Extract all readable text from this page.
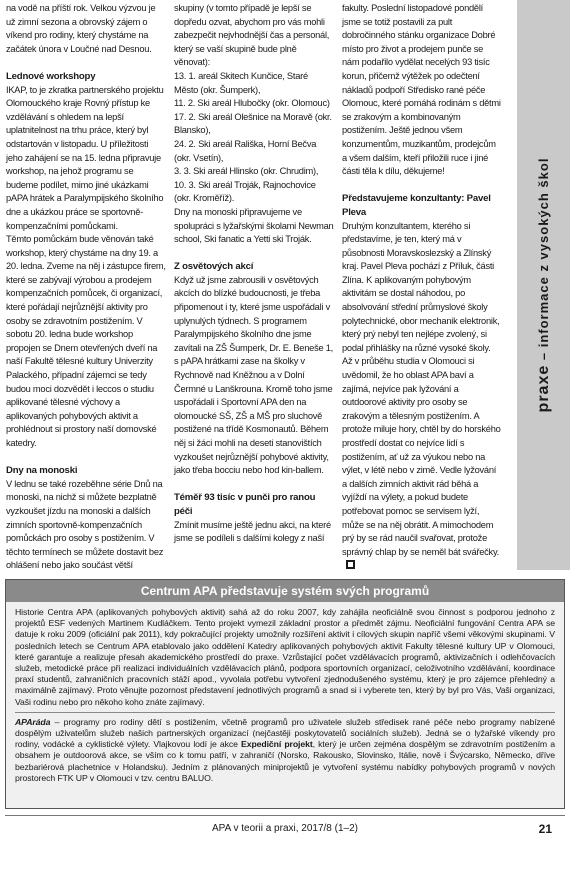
na vodě na příští rok. Velkou výzvou je už zimní sezona a obrovský zájem o víkend pro rodiny, který chystáme na začátek února v Loučné nad Desnou.

Lednové workshopy

IKAP, to je zkratka partnerského projektu Olomouckého kraje Rovný přístup ke vzdělávání s ohledem na lepší uplatnitelnost na trhu práce, který byl odstartován v listopadu. U příležitosti jeho zahájení se na 15. ledna připravuje workshop, na jehož programu se budeme podílet, mimo jiné ukázkami pAPA hrátek a Paralympijského školního dne a ukázkou práce se sportovně-kompenzačními pomůckami.

Těmto pomůckám bude věnován také workshop, který chystáme na dny 19. a 20. ledna. Zveme na něj i zástupce firem, které se zabývají výrobou a prodejem kompenzačních pomůcek, či organizací, které pořádají nejrůznější aktivity pro osoby se zdravotním postižením. V sobotu 20. ledna bude workshop propojen se Dnem otevřených dveří na naší Fakultě tělesné kultury Univerzity Palackého, případní zájemci se tedy budou moci dozvědět i leccos o studiu aplikované tělesné výchovy a aplikovaných pohybových aktivit a prohlédnout si prostory naší domovské katedry.

Dny na monoski

V lednu se také rozeběhne série Dnů na monoski, na nichž si můžete bezplatně vyzkoušet jízdu na monoski a dalších zimních sportovně-kompenzačních pomůckách pro osoby s postižením. V těchto termínech se můžete dostavit bez ohlášení nebo jako součást větší

skupiny (v tomto případě je lepší se dopředu ozvat, abychom pro vás mohli zabezpečit nejvhodnější čas a personál, který se vaší skupině bude plně věnovat):

13. 1. areál Skitech Kunčice, Staré Město (okr. Šumperk),

11. 2. Ski areál Hlubočky (okr. Olomouc)

17. 2. Ski areál Olešnice na Moravě (okr. Blansko),

24. 2. Ski areál Rališka, Horní Bečva (okr. Vsetín),

3. 3. Ski areál Hlinsko (okr. Chrudim),

10. 3. Ski areál Troják, Rajnochovice (okr. Kroměříž).

Dny na monoski připravujeme ve spolupráci s lyžařskými školami Newman school, Ski fanatic a Yetti ski Troják.

Z osvětových akcí

Když už jsme zabrousili v osvětových akcích do blízké budoucnosti, je třeba připomenout i ty, které jsme uspořádali v uplynulých týdnech. S programem Paralympijského školního dne jsme zavítali na ZŠ Šumperk, Dr. E. Beneše 1, s pAPA hrátkami zase na školky v Rychnově nad Kněžnou a v Dolní Čermné u Lanškrouna. Kromě toho jsme uspořádali i Sportovní APA den na olomoucké SŠ, ZŠ a MŠ pro sluchově postižené na třídě Kosmonautů. Během něj si žáci mohli na deseti stanovištích vyzkoušet nejrůznější pohybové aktivity, jako třeba bocciu nebo hod kin-ballem.

Téměř 93 tisíc v punči pro ranou péči

Zmínit musíme ještě jednu akci, na které jsme se podíleli s dalšími kolegy z naší

fakulty. Poslední listopadové pondělí jsme se totiž postavili za pult dobročinného stánku organizace Dobré místo pro život a prodejem punče se nám podařilo vydělat necelých 93 tisíc korun, přičemž výtěžek po odečtení nákladů podpoří Středisko rané péče Olomouc, které pomáhá rodinám s dětmi se zrakovým a kombinovaným postižením. Ještě jednou všem konzumentům, muzikantům, prodejcům a všem dalším, kteří přiložili ruce i jiné části těla k dílu, děkujeme!

Představujeme konzultanty: Pavel Pleva

Druhým konzultantem, kterého si představíme, je ten, který má v působnosti Moravskoslezský a Zlínský kraj. Pavel Pleva pochází z Příluk, části Zlína. K aplikovaným pohybovým aktivitám se dostal náhodou, po absolvování střední průmyslové školy polytechnické, obor mechanik elektronik, který prý nebyl ten nejlépe zvolený, si podal přihlášky na různé vysoké školy. Až v průběhu studia v Olomouci si uvědomil, že ho oblast APA baví a zajímá, nejvíce pak lyžování a outdoorové aktivity pro osoby se zrakovým a tělesným postižením. A protože miluje hory, chtěl by do horského prostředí dostat co nejvíce lidí s postižením, ať už za výukou nebo na výlet, v létě nebo v zimě. Vedle lyžování a dalších zimních aktivit rád běhá a vyjíždí na výlety, a pokud budete potřebovat pomoc se servisem lyží, může se na něj obrátit. A mimochodem prý by se rád naučil svařovat, protože správný chlap by se neměl bát svářečky.

praxe – informace z vysokých škol
Centrum APA představuje systém svých programů

Historie Centra APA (aplikovaných pohybových aktivit) sahá až do roku 2007, kdy zahájila neoficiálně svou činnost s podporou jednoho z projektů ESF vedených Martinem Kudláčkem. Tento projekt vymezil základní prostor a předmět zájmu. Neoficiální fungování Centra APA se datuje k roku 2009 (oficiální pak 2011), kdy pokračující projekty umožnily rozšíření aktivit i cílových skupin napříč všemi věkovými skupinami. V posledních letech se Centrum APA etablovalo jako oddělení Katedry aplikovaných pohybových aktivit Fakulty tělesné kultury UP v Olomouci, které garantuje a realizuje přesah akademického prostředí do praxe. Vzrůstající počet vzdělávacích programů, aktivizačních i odlehčovacích služeb, metodické práce při realizaci individuálních vzdělávacích plánů, podpora sportovních organizací, celoživotního vzdělávání, koordinace praxí studentů, zahraničních pracovních stáží apod., vyvolala potřebu vytvoření zjednodušeného systému, který je pro zájemce přehledný a maximálně zajímavý. Proto věnujte pozornost představení jednotlivých programů a snad si i vyberete ten, který by byl pro Vás, Vaši organizaci, Vaši rodinu nebo pro někoho koho znáte zajímavý.

APAráda – programy pro rodiny dětí s postižením, včetně programů pro uživatele služeb středisek rané péče nebo programy nabízené dospělým uživatelům služeb našich partnerských organizací (nejčastěji poskytovatelů sociálních služeb). Jedná se o lyžařské víkendy pro rodiny, vodácké a cyklistické výlety. Vlajkovou lodí je akce Expediční projekt, který je určen zejména dospělým se zdravotním postižením a obsahem je outdoorová akce, se vším co k tomu patří, v zahraničí (Norsko, Rakousko, Slovinsko, Itálie, nově i Švýcarsko, Německo, dříve bezbariérová plachetnice v Holandsku). Jedním z plánovaných miniprojektů je vytvoření systému nabídky pohybových programů v nových prostorech FTK UP v Olomouci v tzv. centru BALUO.

APA v teorii a praxi, 2017/8 (1–2)	21
